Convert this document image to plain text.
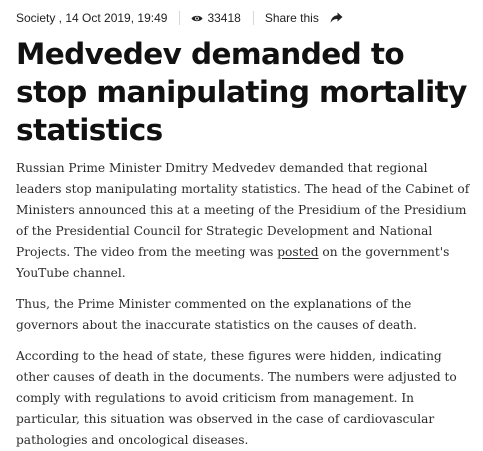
Society , 14 Oct 2019, 19:49	33418 Share this
Medvedev demanded to stop manipulating mortality statistics

Russian Prime Minister Dmitry Medvedev demanded that regional leaders stop manipulating mortality statistics. The head of the Cabinet of Ministers announced this at a meeting of the Presidium of the Presidium of the Presidential Council for Strategic Development and National Projects. The video from the meeting was posted on the government's YouTube channel.

Thus, the Prime Minister commented on the explanations of the governors about the inaccurate statistics on the causes of death.

According to the head of state, these figures were hidden, indicating other causes of death in the documents. The numbers were adjusted to comply with regulations to avoid criticism from management. In particular, this situation was observed in the case of cardiovascular pathologies and oncological diseases.
